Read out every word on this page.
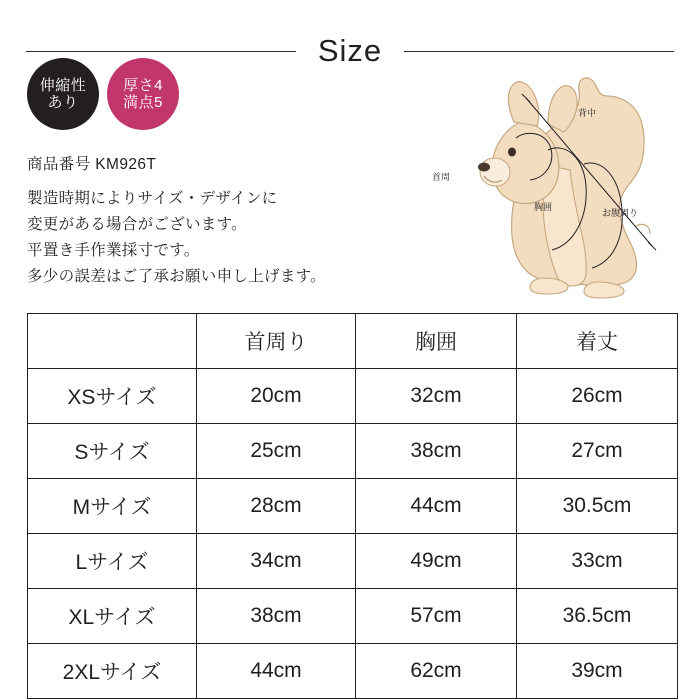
Size
伸縮性
あり
厚さ4
満点5
商品番号 KM926T
製造時期によりサイズ・デザインに
変更がある場合がございます。
平置き手作業採寸です。
多少の誤差はご了承お願い申し上げます。
背中
首周
胸囲
お腹周り
	首周り	胸囲	着丈
XSサイズ	20cm	32cm	26cm
Sサイズ	25cm	38cm	27cm
Mサイズ	28cm	44cm	30.5cm
Lサイズ	34cm	49cm	33cm
XLサイズ	38cm	57cm	36.5cm
2XLサイズ	44cm	62cm	39cm
